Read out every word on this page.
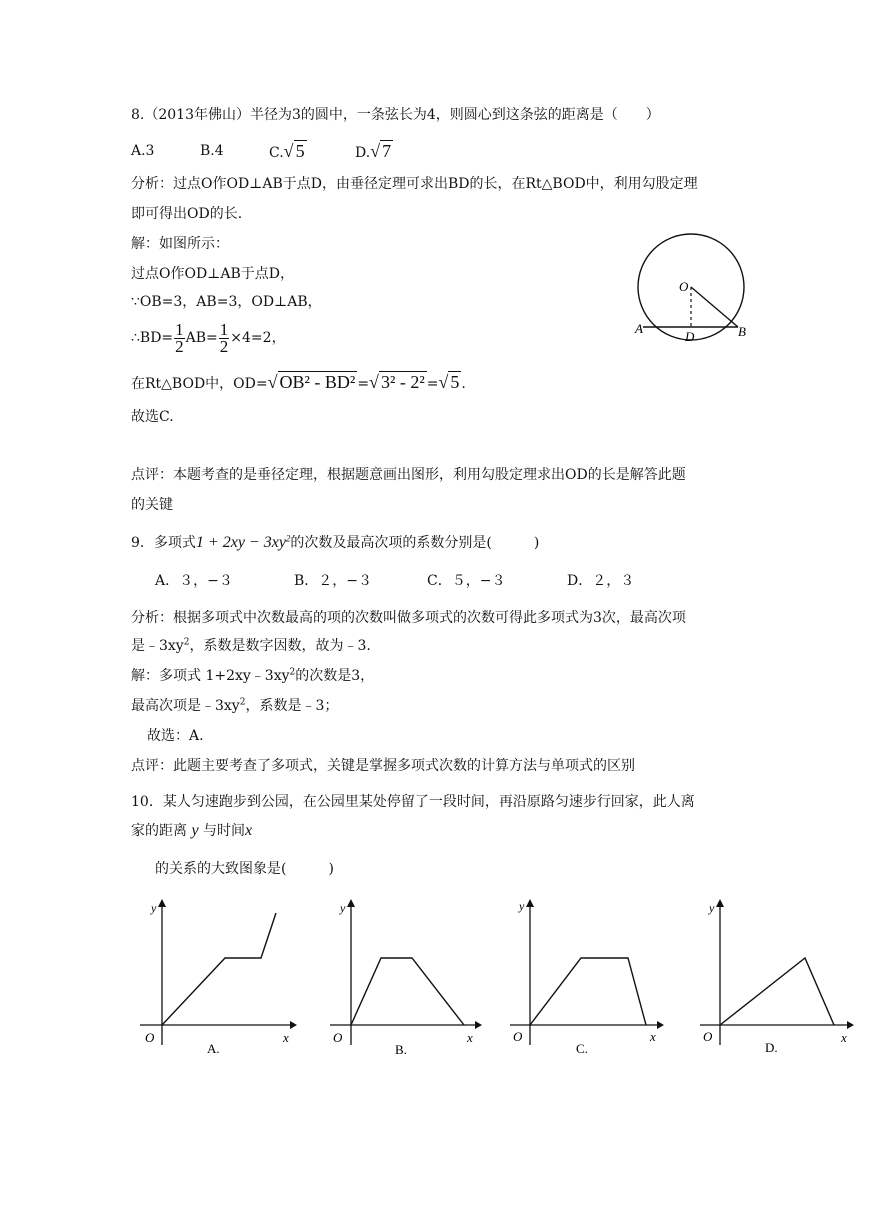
8.（2013年佛山）半径为3的圆中，一条弦长为4，则圆心到这条弦的距离是（　　）
A.3	B.4	C.√ 5	D.√ 7
分析：过点O作OD⊥AB于点D，由垂径定理可求出BD的长，在Rt△BOD中，利用勾股定理
即可得出OD的长.
解：如图所示：
过点O作OD⊥AB于点D，
∵OB=3，AB=3，OD⊥AB，
∴BD= $\frac{1}{2} AB= \frac{1}{2} \times 4=2$，
在Rt△BOD中，OD=√ OB² - BD² =√ 3² - 2² =√ 5 .
故选C.
O
A	B
D
点评：本题考查的是垂径定理，根据题意画出图形，利用勾股定理求出OD的长是解答此题
的关键
9．多项式$1 + 2xy - 3xy^2$的次数及最高次项的系数分别是(　　　)
A．３，−３	B．２，−３	C．５，−３	D．２，３
分析：根据多项式中次数最高的项的次数叫做多项式的次数可得此多项式为3次，最高次项
是$﹣3xy^2$，系数是数字因数，故为﹣3.
解：多项式 $1+2xy﹣3xy^2$的次数是3，
最高次项是$﹣3xy^2$，系数是﹣3；
故选：A.
点评：此题主要考查了多项式，关键是掌握多项式次数的计算方法与单项式的区别
10．某人匀速跑步到公园，在公园里某处停留了一段时间，再沿原路匀速步行回家，此人离
家的距离 y 与时间x
的关系的大致图象是(　　　)
O	x
y
A.
O	x
y
B.
O	x
y
C.
O	x
y
D.
